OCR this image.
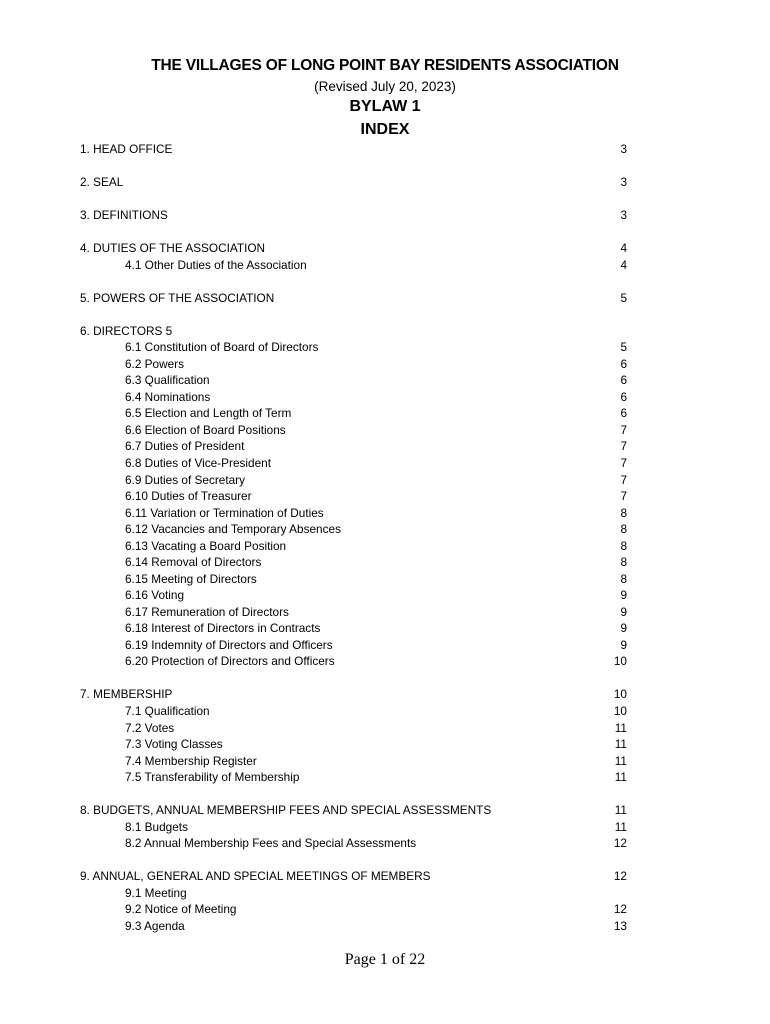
THE VILLAGES OF LONG POINT BAY RESIDENTS ASSOCIATION
(Revised July 20, 2023)
BYLAW 1
INDEX
1. HEAD OFFICE	3
2. SEAL	3
3. DEFINITIONS	3
4. DUTIES OF THE ASSOCIATION	4
4.1 Other Duties of the Association	4
5. POWERS OF THE ASSOCIATION	5
6. DIRECTORS 5
6.1 Constitution of Board of Directors	5
6.2 Powers	6
6.3 Qualification	6
6.4 Nominations	6
6.5 Election and Length of Term	6
6.6 Election of Board Positions	7
6.7 Duties of President	7
6.8 Duties of Vice-President	7
6.9 Duties of Secretary	7
6.10 Duties of Treasurer	7
6.11 Variation or Termination of Duties	8
6.12 Vacancies and Temporary Absences	8
6.13 Vacating a Board Position	8
6.14 Removal of Directors	8
6.15 Meeting of Directors	8
6.16 Voting	9
6.17 Remuneration of Directors	9
6.18 Interest of Directors in Contracts	9
6.19 Indemnity of Directors and Officers	9
6.20 Protection of Directors and Officers	10
7. MEMBERSHIP	10
7.1 Qualification	10
7.2 Votes	11
7.3 Voting Classes	11
7.4 Membership Register	11
7.5 Transferability of Membership	11
8. BUDGETS, ANNUAL MEMBERSHIP FEES AND SPECIAL ASSESSMENTS	11
8.1 Budgets	11
8.2 Annual Membership Fees and Special Assessments	12
9. ANNUAL, GENERAL AND SPECIAL MEETINGS OF MEMBERS	12
9.1 Meeting
9.2 Notice of Meeting	12
9.3 Agenda	13
Page 1 of 22
